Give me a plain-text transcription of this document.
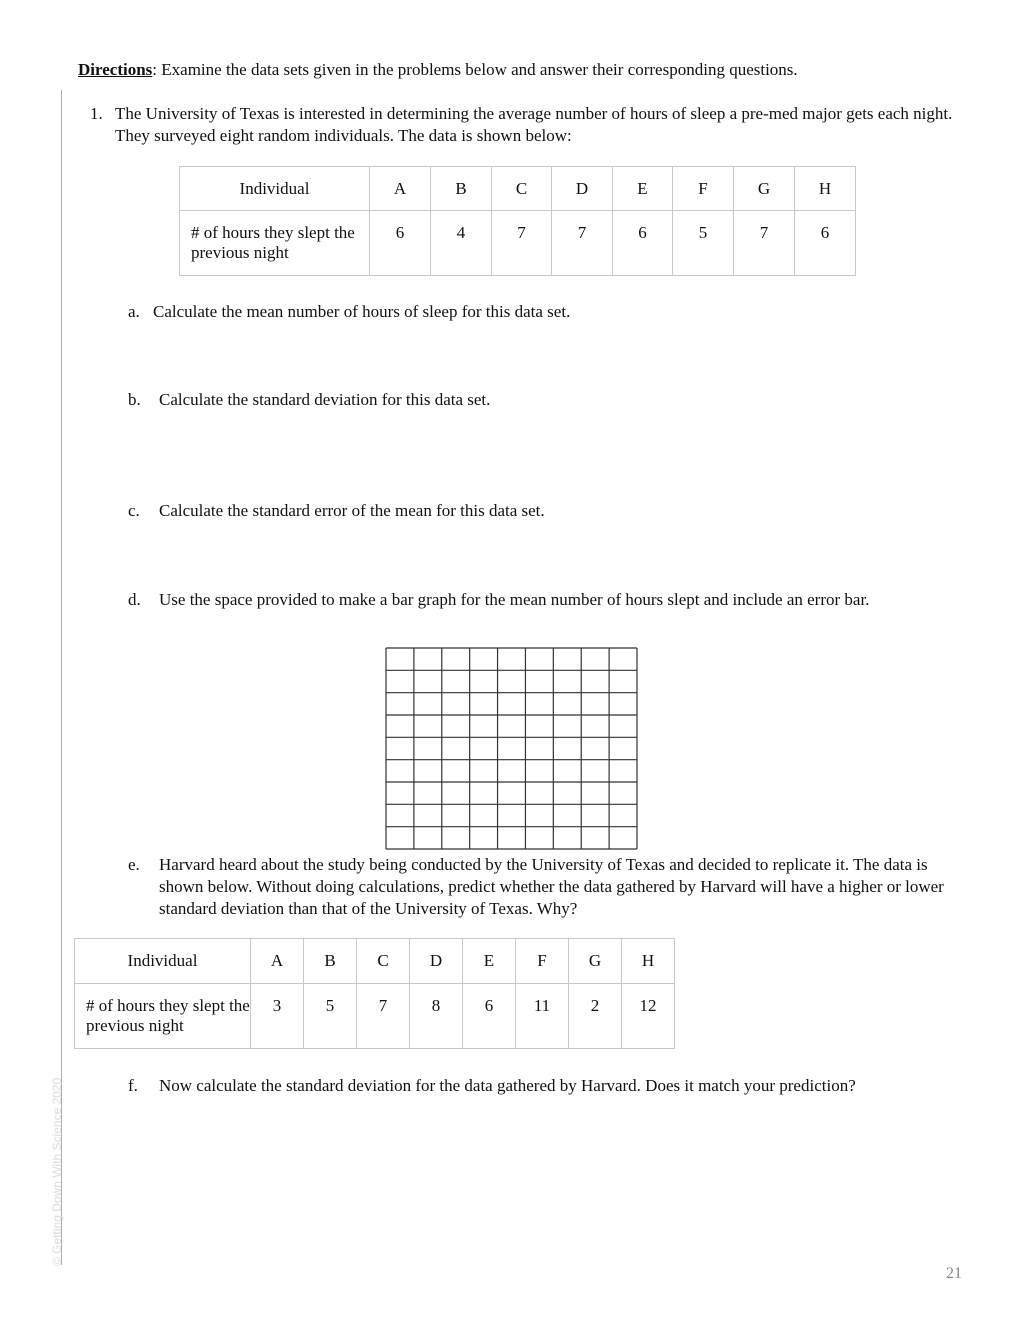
© Getting Down With Science 2020
Directions: Examine the data sets given in the problems below and answer their corresponding questions.
1. The University of Texas is interested in determining the average number of hours of sleep a pre-med major gets each night. They surveyed eight random individuals. The data is shown below:
Individual	A	B	C	D	E	F	G	H
# of hours they slept the previous night	6	4	7	7	6	5	7	6
a. Calculate the mean number of hours of sleep for this data set.
b.	Calculate the standard deviation for this data set.
c.	Calculate the standard error of the mean for this data set.
d.	Use the space provided to make a bar graph for the mean number of hours slept and include an error bar.
e.	Harvard heard about the study being conducted by the University of Texas and decided to replicate it. The data is shown below. Without doing calculations, predict whether the data gathered by Harvard will have a higher or lower standard deviation than that of the University of Texas. Why?
Individual	A	B	C	D	E	F	G	H
# of hours they slept the previous night	3	5	7	8	6	11	2	12
f.	Now calculate the standard deviation for the data gathered by Harvard. Does it match your prediction?
21
